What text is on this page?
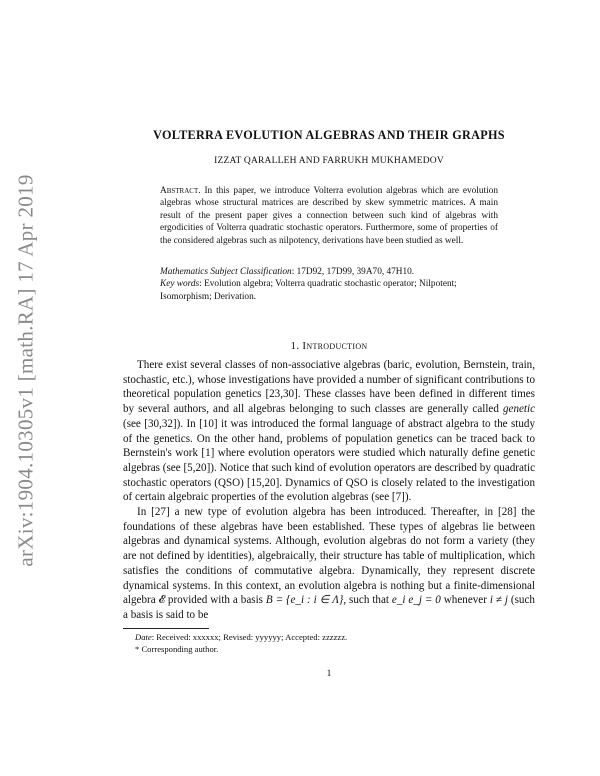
arXiv:1904.10305v1 [math.RA] 17 Apr 2019
VOLTERRA EVOLUTION ALGEBRAS AND THEIR GRAPHS
IZZAT QARALLEH AND FARRUKH MUKHAMEDOV
Abstract. In this paper, we introduce Volterra evolution algebras which are evolution algebras whose structural matrices are described by skew symmetric matrices. A main result of the present paper gives a connection between such kind of algebras with ergodicities of Volterra quadratic stochastic operators. Furthermore, some of properties of the considered algebras such as nilpotency, derivations have been studied as well.

Mathematics Subject Classification: 17D92, 17D99, 39A70, 47H10.

Key words: Evolution algebra; Volterra quadratic stochastic operator; Nilpotent; Isomorphism; Derivation.

1. Introduction

There exist several classes of non-associative algebras (baric, evolution, Bernstein, train, stochastic, etc.), whose investigations have provided a number of significant contributions to theoretical population genetics [23,30]. These classes have been defined in different times by several authors, and all algebras belonging to such classes are generally called genetic (see [30,32]). In [10] it was introduced the formal language of abstract algebra to the study of the genetics. On the other hand, problems of population genetics can be traced back to Bernstein's work [1] where evolution operators were studied which naturally define genetic algebras (see [5,20]). Notice that such kind of evolution operators are described by quadratic stochastic operators (QSO) [15,20]. Dynamics of QSO is closely related to the investigation of certain algebraic properties of the evolution algebras (see [7]).

In [27] a new type of evolution algebra has been introduced. Thereafter, in [28] the foundations of these algebras have been established. These types of algebras lie between algebras and dynamical systems. Although, evolution algebras do not form a variety (they are not defined by identities), algebraically, their structure has table of multiplication, which satisfies the conditions of commutative algebra. Dynamically, they represent discrete dynamical systems. In this context, an evolution algebra is nothing but a finite-dimensional algebra 𝓔 provided with a basis B = {e_i : i ∈ Λ}, such that e_i e_j = 0 whenever i ≠ j (such a basis is said to be

Date: Received: xxxxxx; Revised: yyyyyy; Accepted: zzzzzz.

* Corresponding author.

1
